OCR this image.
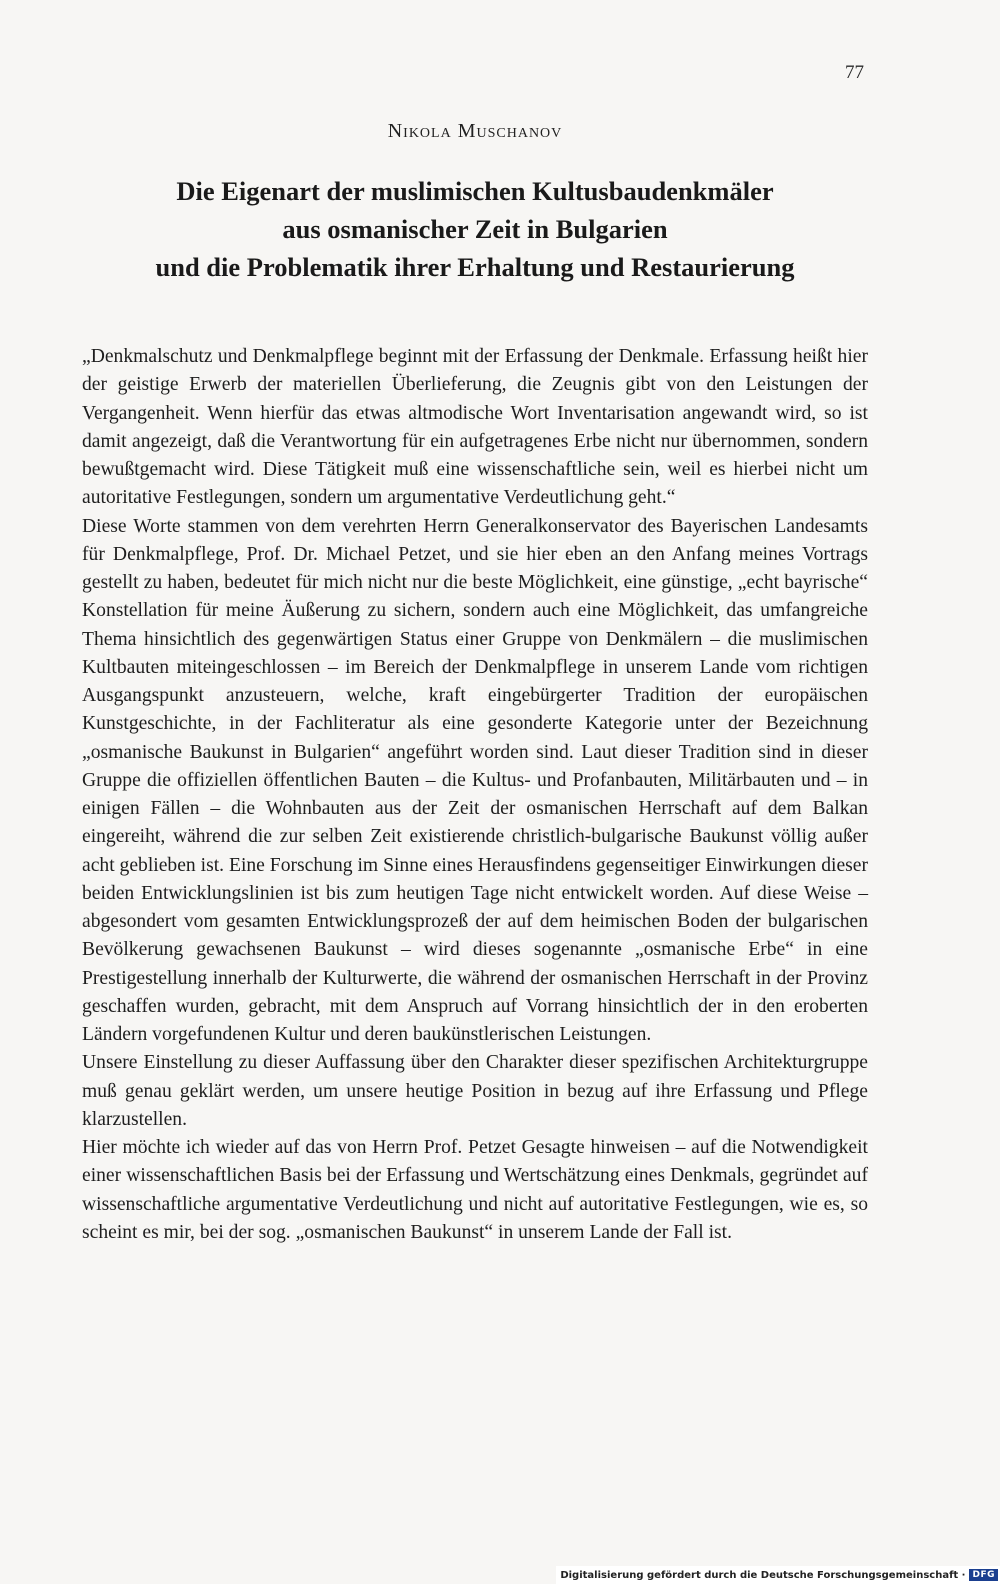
77
Nikola Muschanov
Die Eigenart der muslimischen Kultusbaudenkmäler
aus osmanischer Zeit in Bulgarien
und die Problematik ihrer Erhaltung und Restaurierung

„Denkmalschutz und Denkmalpflege beginnt mit der Erfassung der Denkmale. Erfassung heißt hier der geistige Erwerb der materiellen Überlieferung, die Zeugnis gibt von den Leistungen der Vergangenheit. Wenn hierfür das etwas altmodische Wort Inventarisation angewandt wird, so ist damit angezeigt, daß die Verantwortung für ein aufgetragenes Erbe nicht nur übernommen, sondern bewußtgemacht wird. Diese Tätigkeit muß eine wissenschaftliche sein, weil es hierbei nicht um autoritative Festlegungen, sondern um argumentative Verdeutlichung geht.“

Diese Worte stammen von dem verehrten Herrn Generalkonservator des Bayerischen Landesamts für Denkmalpflege, Prof. Dr. Michael Petzet, und sie hier eben an den Anfang meines Vortrags gestellt zu haben, bedeutet für mich nicht nur die beste Möglichkeit, eine günstige, „echt bayrische“ Konstellation für meine Äußerung zu sichern, sondern auch eine Möglichkeit, das umfangreiche Thema hinsichtlich des gegenwärtigen Status einer Gruppe von Denkmälern – die muslimischen Kultbauten miteingeschlossen – im Bereich der Denkmalpflege in unserem Lande vom richtigen Ausgangspunkt anzusteuern, welche, kraft eingebürgerter Tradition der europäischen Kunstgeschichte, in der Fachliteratur als eine gesonderte Kategorie unter der Bezeichnung „osmanische Baukunst in Bulgarien“ angeführt worden sind. Laut dieser Tradition sind in dieser Gruppe die offiziellen öffentlichen Bauten – die Kultus- und Profanbauten, Militärbauten und – in einigen Fällen – die Wohnbauten aus der Zeit der osmanischen Herrschaft auf dem Balkan eingereiht, während die zur selben Zeit existierende christlich-bulgarische Baukunst völlig außer acht geblieben ist. Eine Forschung im Sinne eines Herausfindens gegenseitiger Einwirkungen dieser beiden Entwicklungslinien ist bis zum heutigen Tage nicht entwickelt worden. Auf diese Weise – abgesondert vom gesamten Entwicklungsprozeß der auf dem heimischen Boden der bulgarischen Bevölkerung gewachsenen Baukunst – wird dieses sogenannte „osmanische Erbe“ in eine Prestigestellung innerhalb der Kulturwerte, die während der osmanischen Herrschaft in der Provinz geschaffen wurden, gebracht, mit dem Anspruch auf Vorrang hinsichtlich der in den eroberten Ländern vorgefundenen Kultur und deren baukünstlerischen Leistungen.

Unsere Einstellung zu dieser Auffassung über den Charakter dieser spezifischen Architekturgruppe muß genau geklärt werden, um unsere heutige Position in bezug auf ihre Erfassung und Pflege klarzustellen.

Hier möchte ich wieder auf das von Herrn Prof. Petzet Gesagte hinweisen – auf die Notwendigkeit einer wissenschaftlichen Basis bei der Erfassung und Wertschätzung eines Denkmals, gegründet auf wissenschaftliche argumentative Verdeutlichung und nicht auf autoritative Festlegungen, wie es, so scheint es mir, bei der sog. „osmanischen Baukunst“ in unserem Lande der Fall ist.

Digitalisierung gefördert durch die Deutsche Forschungsgemeinschaft · DFG
